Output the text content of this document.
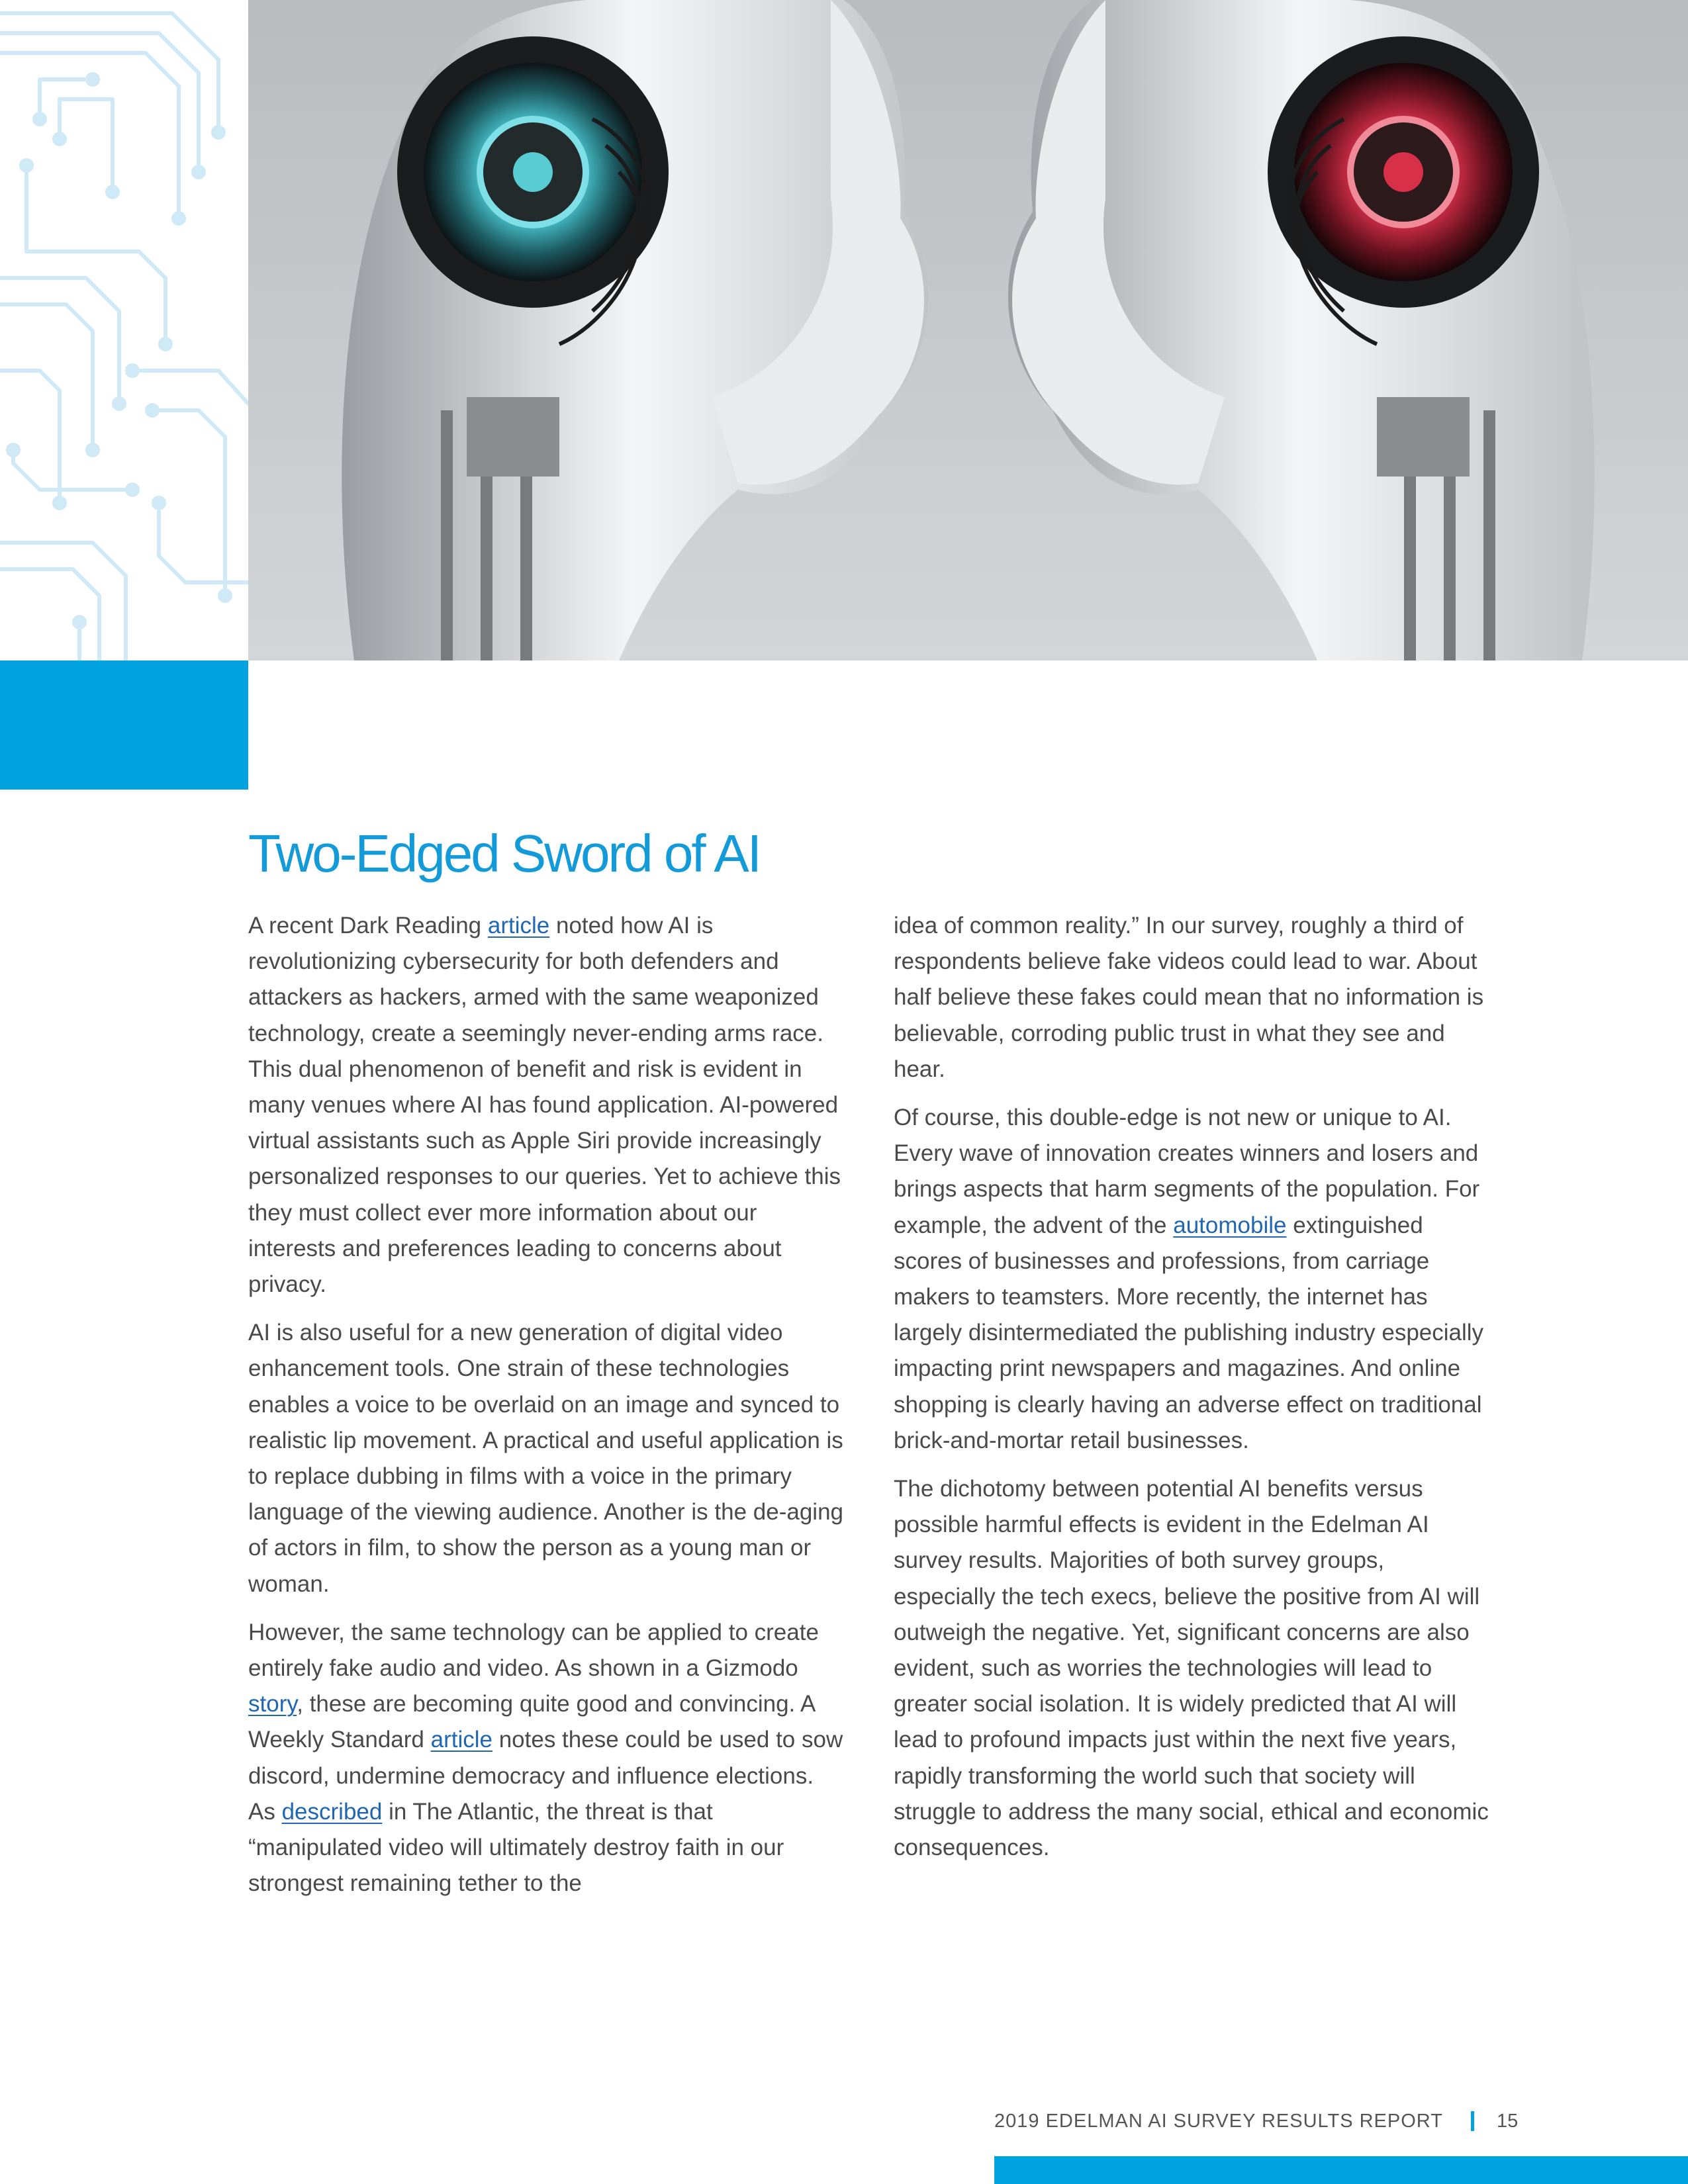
Two-Edged Sword of AI

A recent Dark Reading article noted how AI is revolutionizing cybersecurity for both defenders and attackers as hackers, armed with the same weaponized technology, create a seemingly never-ending arms race. This dual phenomenon of benefit and risk is evident in many venues where AI has found application. AI-powered virtual assistants such as Apple Siri provide increasingly personalized responses to our queries. Yet to achieve this they must collect ever more information about our interests and preferences leading to concerns about privacy.

AI is also useful for a new generation of digital video enhancement tools. One strain of these technologies enables a voice to be overlaid on an image and synced to realistic lip movement. A practical and useful application is to replace dubbing in films with a voice in the primary language of the viewing audience. Another is the de-aging of actors in film, to show the person as a young man or woman.

However, the same technology can be applied to create entirely fake audio and video. As shown in a Gizmodo story, these are becoming quite good and convincing. A Weekly Standard article notes these could be used to sow discord, undermine democracy and influence elections. As described in The Atlantic, the threat is that “manipulated video will ultimately destroy faith in our strongest remaining tether to the

idea of common reality.” In our survey, roughly a third of respondents believe fake videos could lead to war. About half believe these fakes could mean that no information is believable, corroding public trust in what they see and hear.

Of course, this double-edge is not new or unique to AI. Every wave of innovation creates winners and losers and brings aspects that harm segments of the population. For example, the advent of the automobile extinguished scores of businesses and professions, from carriage makers to teamsters. More recently, the internet has largely disintermediated the publishing industry especially impacting print newspapers and magazines. And online shopping is clearly having an adverse effect on traditional brick-and-mortar retail businesses.

The dichotomy between potential AI benefits versus possible harmful effects is evident in the Edelman AI survey results. Majorities of both survey groups, especially the tech execs, believe the positive from AI will outweigh the negative. Yet, significant concerns are also evident, such as worries the technologies will lead to greater social isolation. It is widely predicted that AI will lead to profound impacts just within the next five years, rapidly transforming the world such that society will struggle to address the many social, ethical and economic consequences.

2019 EDELMAN AI SURVEY RESULTS REPORT	15
